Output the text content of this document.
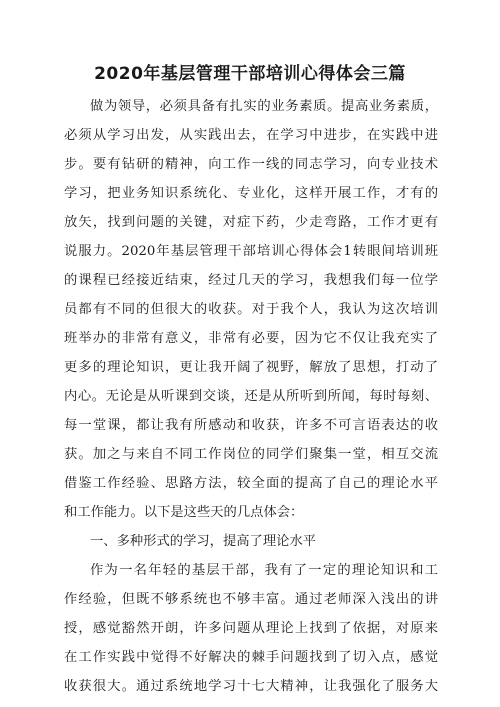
2020年基层管理干部培训心得体会三篇
做为领导，必须具备有扎实的业务素质。提高业务素质，
必须从学习出发，从实践出去，在学习中进步，在实践中进
步。要有钻研的精神，向工作一线的同志学习，向专业技术
学习，把业务知识系统化、专业化，这样开展工作，才有的
放矢，找到问题的关键，对症下药，少走弯路，工作才更有
说服力。2020年基层管理干部培训心得体会1转眼间培训班
的课程已经接近结束，经过几天的学习，我想我们每一位学
员都有不同的但很大的收获。对于我个人，我认为这次培训
班举办的非常有意义，非常有必要，因为它不仅让我充实了
更多的理论知识，更让我开阔了视野，解放了思想，打动了
内心。无论是从听课到交谈，还是从所听到所闻，每时每刻、
每一堂课，都让我有所感动和收获，许多不可言语表达的收
获。加之与来自不同工作岗位的同学们聚集一堂，相互交流
借鉴工作经验、思路方法，较全面的提高了自己的理论水平
和工作能力。以下是这些天的几点体会：
一、多种形式的学习，提高了理论水平
作为一名年轻的基层干部，我有了一定的理论知识和工
作经验，但既不够系统也不够丰富。通过老师深入浅出的讲
授，感觉豁然开朗，许多问题从理论上找到了依据，对原来
在工作实践中觉得不好解决的棘手问题找到了切入点，感觉
收获很大。通过系统地学习十七大精神，让我强化了服务大
